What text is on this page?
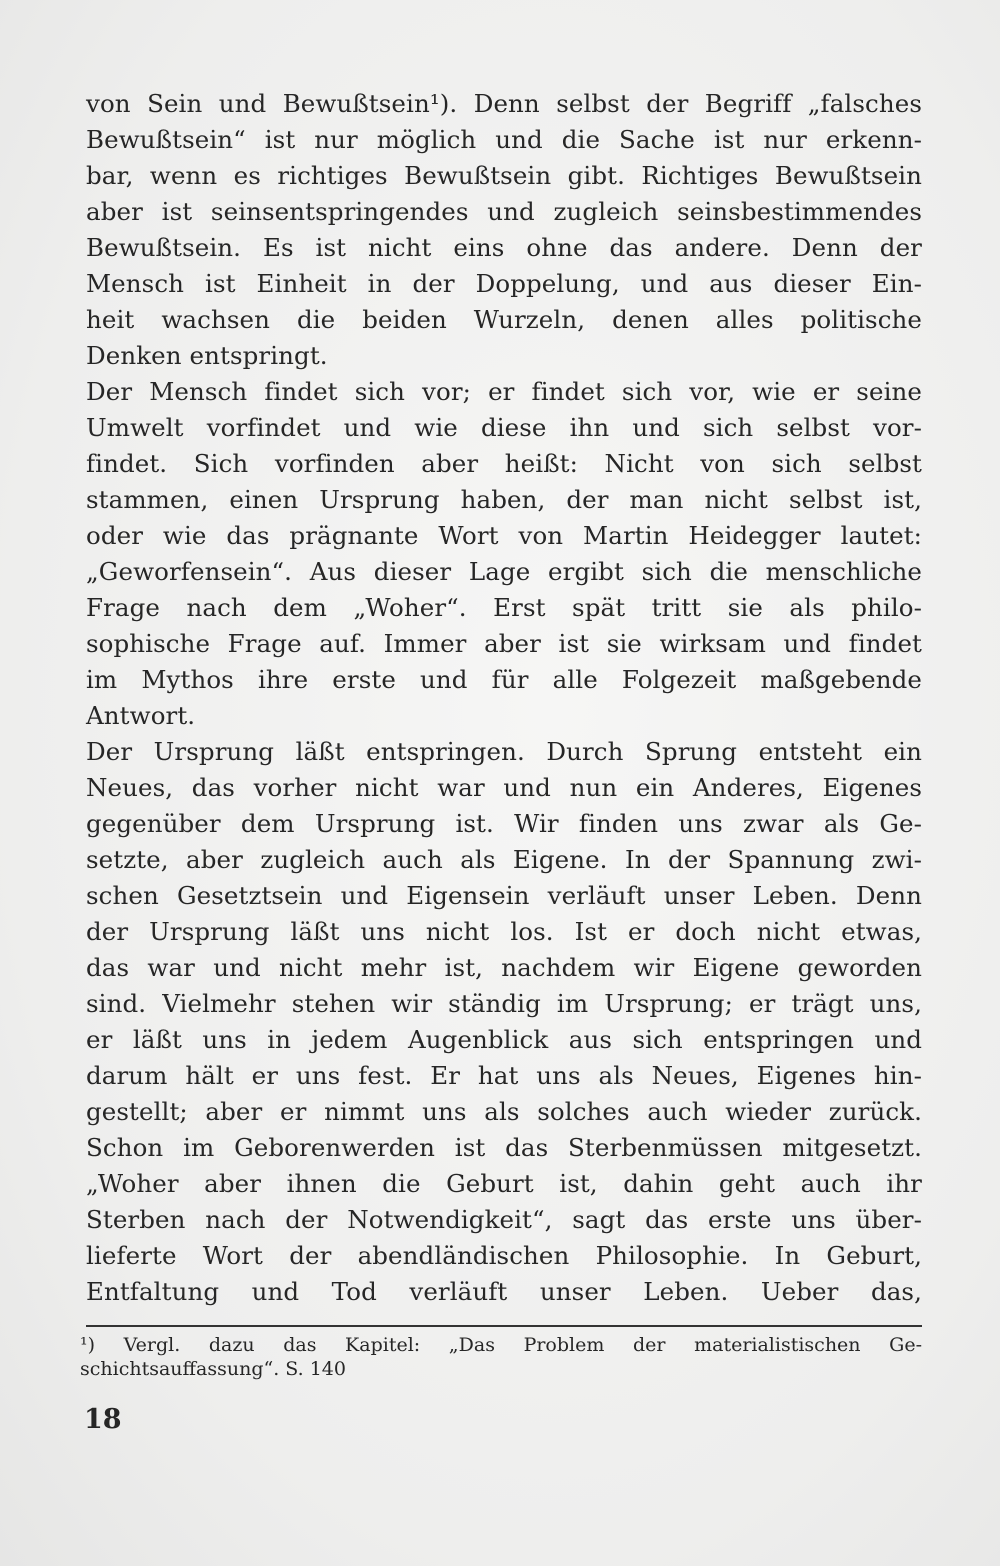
von Sein und Bewußtsein¹). Denn selbst der Begriff „falsches
Bewußtsein“ ist nur möglich und die Sache ist nur erkenn-
bar, wenn es richtiges Bewußtsein gibt. Richtiges Bewußtsein
aber ist seinsentspringendes und zugleich seinsbestimmendes
Bewußtsein. Es ist nicht eins ohne das andere. Denn der
Mensch ist Einheit in der Doppelung, und aus dieser Ein-
heit wachsen die beiden Wurzeln, denen alles politische
Denken entspringt.
Der Mensch findet sich vor; er findet sich vor, wie er seine
Umwelt vorfindet und wie diese ihn und sich selbst vor-
findet. Sich vorfinden aber heißt: Nicht von sich selbst
stammen, einen Ursprung haben, der man nicht selbst ist,
oder wie das prägnante Wort von Martin Heidegger lautet:
„Geworfensein“. Aus dieser Lage ergibt sich die menschliche
Frage nach dem „Woher“. Erst spät tritt sie als philo-
sophische Frage auf. Immer aber ist sie wirksam und findet
im Mythos ihre erste und für alle Folgezeit maßgebende
Antwort.
Der Ursprung läßt entspringen. Durch Sprung entsteht ein
Neues, das vorher nicht war und nun ein Anderes, Eigenes
gegenüber dem Ursprung ist. Wir finden uns zwar als Ge-
setzte, aber zugleich auch als Eigene. In der Spannung zwi-
schen Gesetztsein und Eigensein verläuft unser Leben. Denn
der Ursprung läßt uns nicht los. Ist er doch nicht etwas,
das war und nicht mehr ist, nachdem wir Eigene geworden
sind. Vielmehr stehen wir ständig im Ursprung; er trägt uns,
er läßt uns in jedem Augenblick aus sich entspringen und
darum hält er uns fest. Er hat uns als Neues, Eigenes hin-
gestellt; aber er nimmt uns als solches auch wieder zurück.
Schon im Geborenwerden ist das Sterbenmüssen mitgesetzt.
„Woher aber ihnen die Geburt ist, dahin geht auch ihr
Sterben nach der Notwendigkeit“, sagt das erste uns über-
lieferte Wort der abendländischen Philosophie. In Geburt,
Entfaltung und Tod verläuft unser Leben. Ueber das,
¹) Vergl. dazu das Kapitel: „Das Problem der materialistischen Ge-
schichtsauffassung“. S. 140
18
